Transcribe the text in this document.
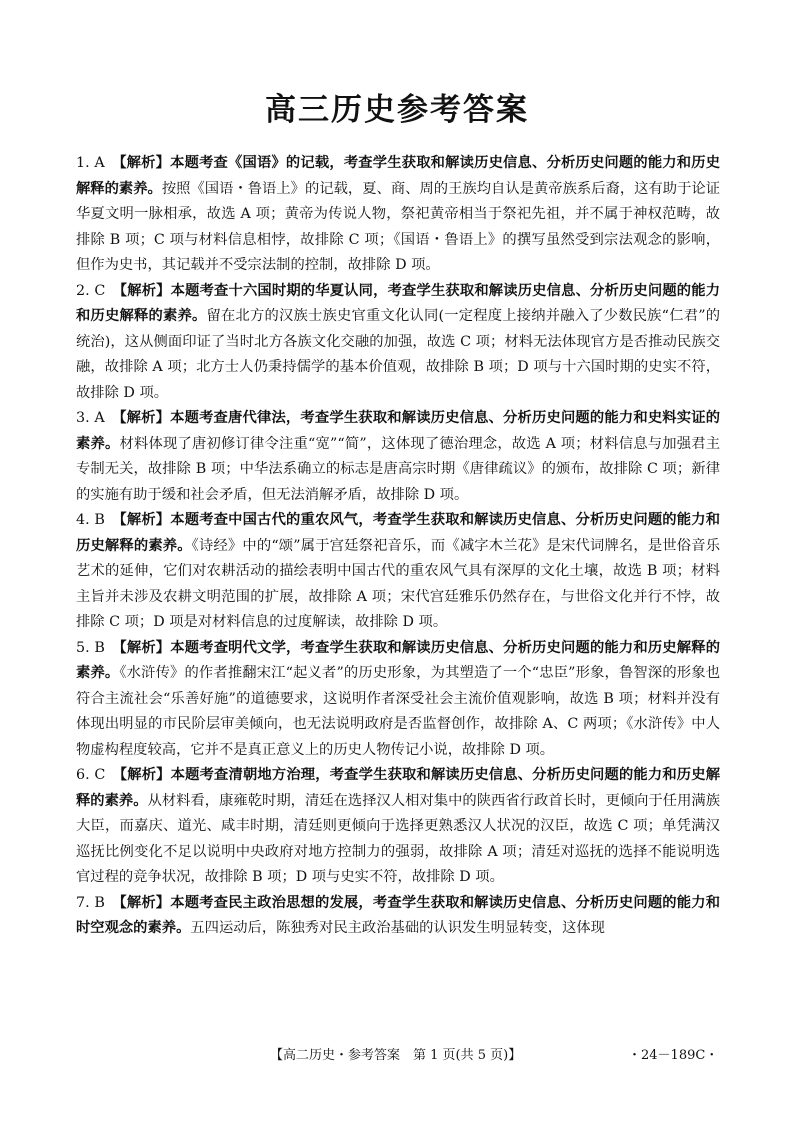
高三历史参考答案

1. A　 【解析】本题考查《国语》的记载，考查学生获取和解读历史信息、分析历史问题的能力和历史解释的素养。按照《国语・鲁语上》的记载，夏、商、周的王族均自认是黄帝族系后裔，这有助于论证华夏文明一脉相承，故选 A 项；黄帝为传说人物，祭祀黄帝相当于祭祀先祖，并不属于神权范畴，故排除 B 项；C 项与材料信息相悖，故排除 C 项；《国语・鲁语上》的撰写虽然受到宗法观念的影响，但作为史书，其记载并不受宗法制的控制，故排除 D 项。

2. C　 【解析】本题考查十六国时期的华夏认同，考查学生获取和解读历史信息、分析历史问题的能力和历史解释的素养。留在北方的汉族士族史官重文化认同(一定程度上接纳并融入了少数民族“仁君”的统治)，这从侧面印证了当时北方各族文化交融的加强，故选 C 项；材料无法体现官方是否推动民族交融，故排除 A 项；北方士人仍秉持儒学的基本价值观，故排除 B 项；D 项与十六国时期的史实不符，故排除 D 项。

3. A　 【解析】本题考查唐代律法，考查学生获取和解读历史信息、分析历史问题的能力和史料实证的素养。材料体现了唐初修订律令注重“宽”“简”，这体现了德治理念，故选 A 项；材料信息与加强君主专制无关，故排除 B 项；中华法系确立的标志是唐高宗时期《唐律疏议》的颁布，故排除 C 项；新律的实施有助于缓和社会矛盾，但无法消解矛盾，故排除 D 项。

4. B　 【解析】本题考查中国古代的重农风气，考查学生获取和解读历史信息、分析历史问题的能力和历史解释的素养。《诗经》中的“颂”属于宫廷祭祀音乐，而《减字木兰花》是宋代词牌名，是世俗音乐艺术的延伸，它们对农耕活动的描绘表明中国古代的重农风气具有深厚的文化土壤，故选 B 项；材料主旨并未涉及农耕文明范围的扩展，故排除 A 项；宋代宫廷雅乐仍然存在，与世俗文化并行不悖，故排除 C 项；D 项是对材料信息的过度解读，故排除 D 项。

5. B　 【解析】本题考查明代文学，考查学生获取和解读历史信息、分析历史问题的能力和历史解释的素养。《水浒传》的作者推翻宋江“起义者”的历史形象，为其塑造了一个“忠臣”形象，鲁智深的形象也符合主流社会“乐善好施”的道德要求，这说明作者深受社会主流价值观影响，故选 B 项；材料并没有体现出明显的市民阶层审美倾向，也无法说明政府是否监督创作，故排除 A、C 两项；《水浒传》中人物虚构程度较高，它并不是真正意义上的历史人物传记小说，故排除 D 项。

6. C　 【解析】本题考查清朝地方治理，考查学生获取和解读历史信息、分析历史问题的能力和历史解释的素养。从材料看，康雍乾时期，清廷在选择汉人相对集中的陕西省行政首长时，更倾向于任用满族大臣，而嘉庆、道光、咸丰时期，清廷则更倾向于选择更熟悉汉人状况的汉臣，故选 C 项；单凭满汉巡抚比例变化不足以说明中央政府对地方控制力的强弱，故排除 A 项；清廷对巡抚的选择不能说明选官过程的竞争状况，故排除 B 项；D 项与史实不符，故排除 D 项。

7. B　 【解析】本题考查民主政治思想的发展，考查学生获取和解读历史信息、分析历史问题的能力和时空观念的素养。五四运动后，陈独秀对民主政治基础的认识发生明显转变，这体现

【高二历史・参考答案　第 1 页(共 5 页)】	・24－189C・
